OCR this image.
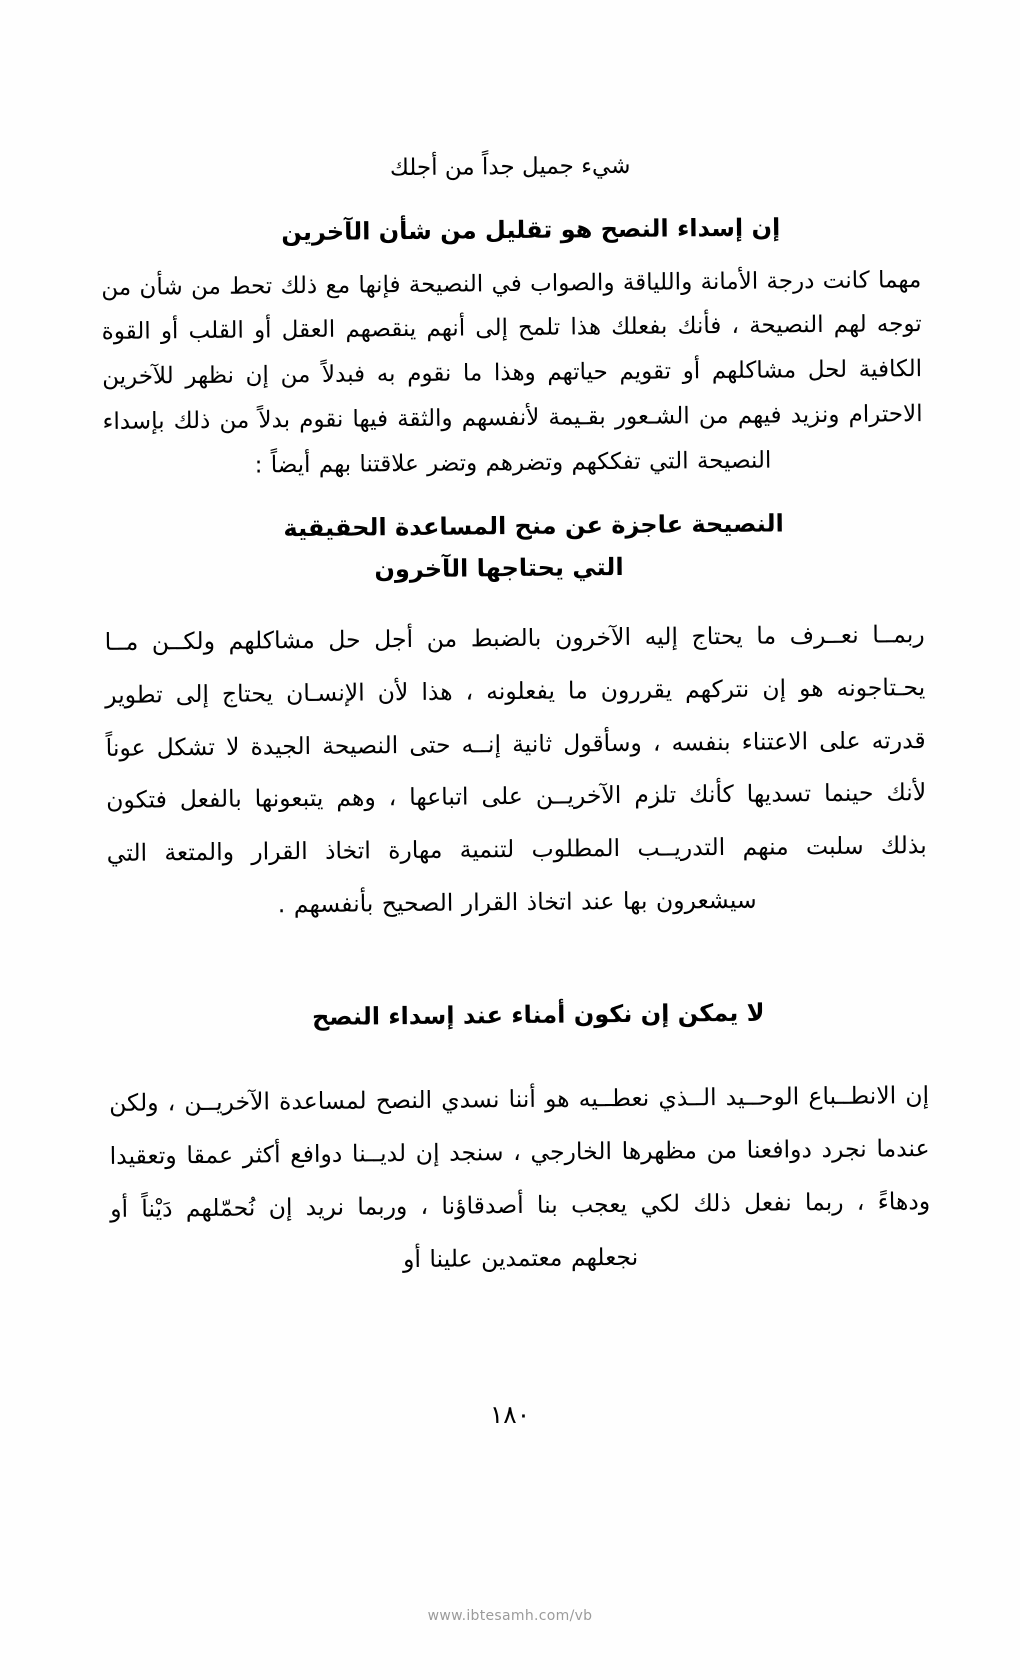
شيء جميل جداً من أجلك

إن إسداء النصح هو تقليل من شأن الآخرين

مهما كانت درجة الأمانة واللياقة والصواب في النصيحة فإنها مع ذلك تحط من شأن من توجه لهم النصيحة ، فأنك بفعلك هذا تلمح إلى أنهم ينقصهم العقل أو القلب أو القوة الكافية لحل مشاكلهم أو تقويم حياتهم وهذا ما نقوم به فبدلاً من إن نظهر للآخرين الاحترام ونزيد فيهم من الشـعور بقـيمة لأنفسهم والثقة فيها نقوم بدلاً من ذلك بإسداء النصيحة التي تفككهم وتضرهم وتضر علاقتنا بهم أيضاً :

النصيحة عاجزة عن منح المساعدة الحقيقية
التي يحتاجها الآخرون

ربمــا نعــرف ما يحتاج إليه الآخرون بالضبط من أجل حل مشاكلهم ولكــن مــا يحـتاجونه هو إن نتركهم يقررون ما يفعلونه ، هذا لأن الإنسـان يحتاج إلى تطوير قدرته على الاعتناء بنفسه ، وسأقول ثانية إنــه حتى النصيحة الجيدة لا تشكل عوناً لأنك حينما تسديها كأنك تلزم الآخريــن على اتباعها ، وهم يتبعونها بالفعل فتكون بذلك سلبت منهم التدريــب المطلوب لتنمية مهارة اتخاذ القرار والمتعة التي سيشعرون بها عند اتخاذ القرار الصحيح بأنفسهم .

لا يمكن إن نكون أمناء عند إسداء النصح

إن الانطــباع الوحــيد الــذي نعطــيه هو أننا نسدي النصح لمساعدة الآخريــن ، ولكن عندما نجرد دوافعنا من مظهرها الخارجي ، سنجد إن لديــنا دوافع أكثر عمقا وتعقيدا ودهاءً ، ربما نفعل ذلك لكي يعجب بنا أصدقاؤنا ، وربما نريد إن نُحمّلهم دَيْناً أو نجعلهم معتمدين علينا أو

١٨٠
www.ibtesamh.com/vb
